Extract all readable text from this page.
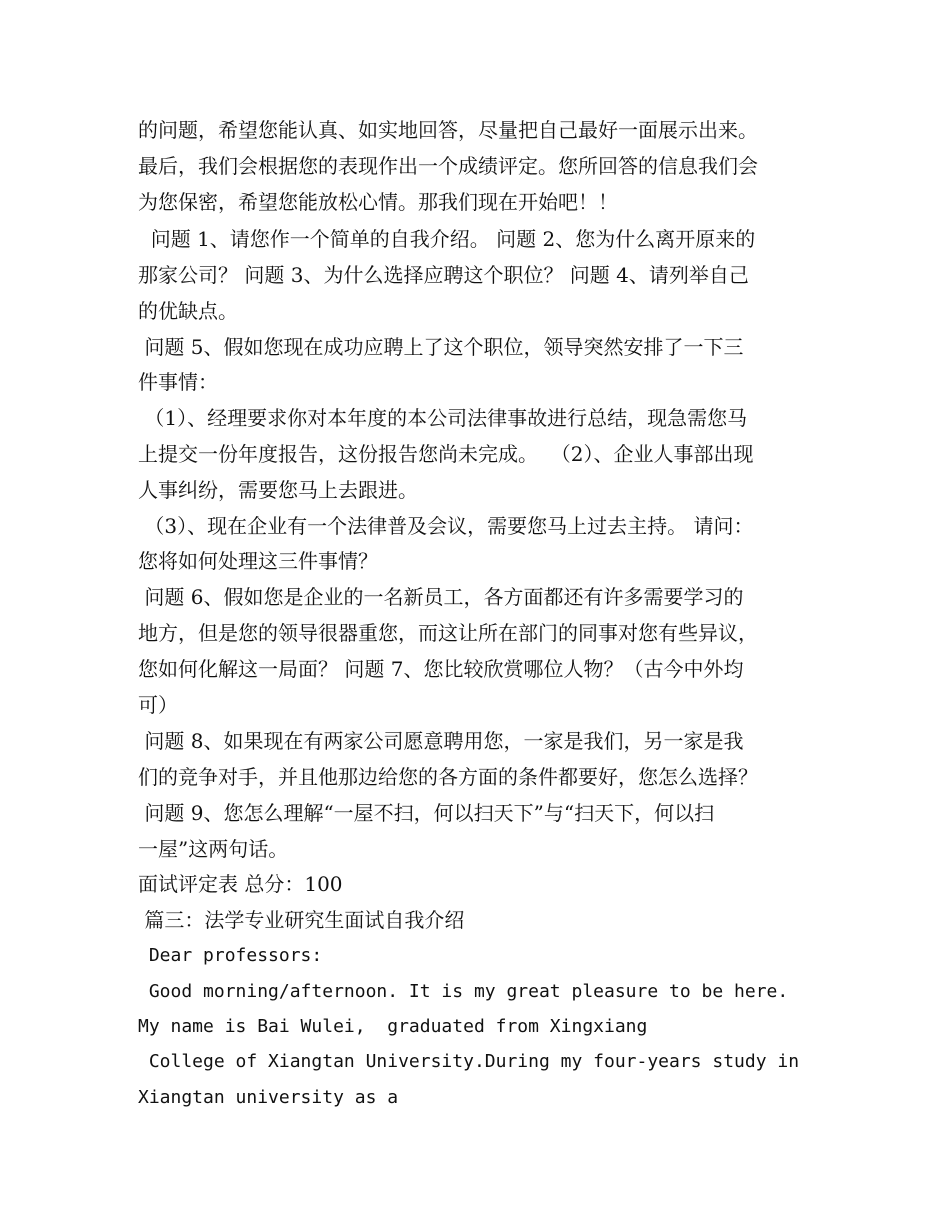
的问题，希望您能认真、如实地回答，尽量把自己最好一面展示出来。
最后，我们会根据您的表现作出一个成绩评定。您所回答的信息我们会
为您保密，希望您能放松心情。那我们现在开始吧！！
问题 1、请您作一个简单的自我介绍。 问题 2、您为什么离开原来的
那家公司？ 问题 3、为什么选择应聘这个职位？ 问题 4、请列举自己
的优缺点。
问题 5、假如您现在成功应聘上了这个职位，领导突然安排了一下三
件事情：
（1）、经理要求你对本年度的本公司法律事故进行总结，现急需您马
上提交一份年度报告，这份报告您尚未完成。  （2）、企业人事部出现
人事纠纷，需要您马上去跟进。
（3）、现在企业有一个法律普及会议，需要您马上过去主持。 请问：
您将如何处理这三件事情？
问题 6、假如您是企业的一名新员工，各方面都还有许多需要学习的
地方，但是您的领导很器重您，而这让所在部门的同事对您有些异议，
您如何化解这一局面？ 问题 7、您比较欣赏哪位人物？（古今中外均
可）
问题 8、如果现在有两家公司愿意聘用您，一家是我们，另一家是我
们的竞争对手，并且他那边给您的各方面的条件都要好，您怎么选择？
问题 9、您怎么理解“一屋不扫，何以扫天下”与“扫天下，何以扫
一屋”这两句话。
面试评定表 总分：100
篇三：法学专业研究生面试自我介绍
Dear professors:
Good morning/afternoon. It is my great pleasure to be here.
My name is Bai Wulei,  graduated from Xingxiang
College of Xiangtan University.During my four-years study in
Xiangtan university as a
